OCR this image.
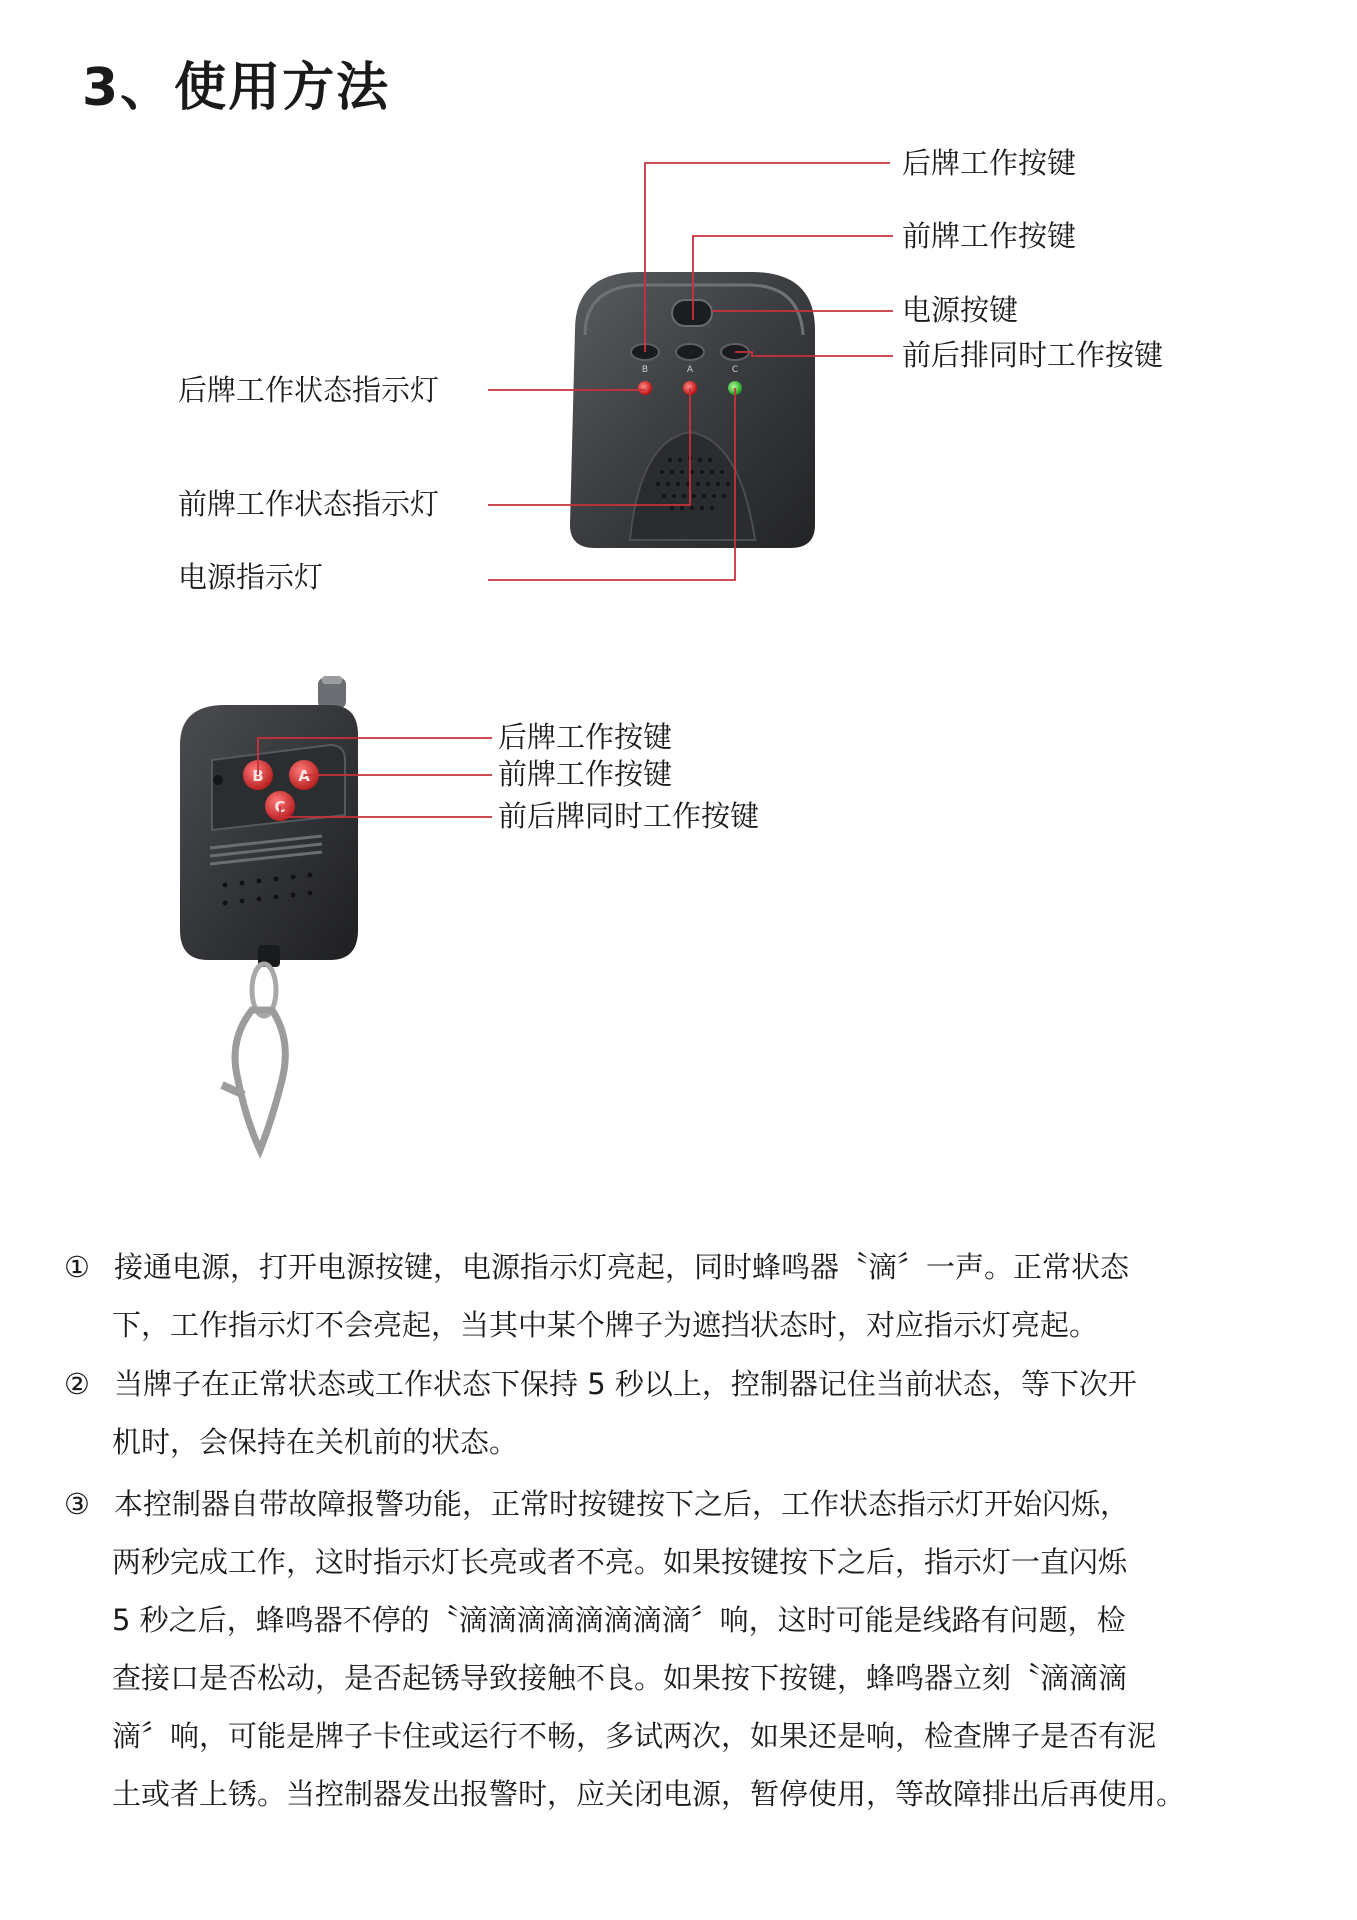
3、使用方法
B A
C
后牌工作按键
前牌工作按键
电源按键
前后排同时工作按键
后牌工作状态指示灯
前牌工作状态指示灯
电源指示灯
后牌工作按键
前牌工作按键
前后牌同时工作按键
① 接通电源，打开电源按键，电源指示灯亮起，同时蜂鸣器〝滴〞一声。正常状态
下，工作指示灯不会亮起，当其中某个牌子为遮挡状态时，对应指示灯亮起。
② 当牌子在正常状态或工作状态下保持 5 秒以上，控制器记住当前状态，等下次开
机时，会保持在关机前的状态。
③ 本控制器自带故障报警功能，正常时按键按下之后，工作状态指示灯开始闪烁，
两秒完成工作，这时指示灯长亮或者不亮。如果按键按下之后，指示灯一直闪烁
5 秒之后，蜂鸣器不停的〝滴滴滴滴滴滴滴滴〞响，这时可能是线路有问题，检
查接口是否松动，是否起锈导致接触不良。如果按下按键，蜂鸣器立刻〝滴滴滴
滴〞响，可能是牌子卡住或运行不畅，多试两次，如果还是响，检查牌子是否有泥
土或者上锈。当控制器发出报警时，应关闭电源，暂停使用，等故障排出后再使用。
B	A	C
